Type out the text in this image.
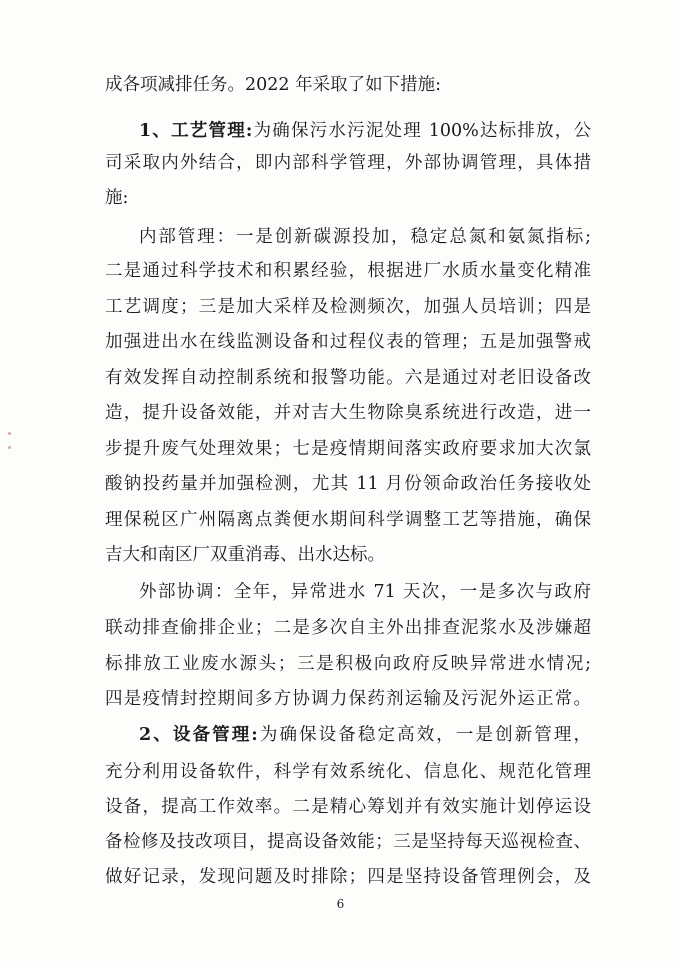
成各项减排任务。2022 年采取了如下措施:
1、工艺管理:为确保污水污泥处理 100%达标排放，公
司采取内外结合，即内部科学管理，外部协调管理，具体措
施:
内部管理：一是创新碳源投加，稳定总氮和氨氮指标;
二是通过科学技术和积累经验，根据进厂水质水量变化精准
工艺调度；三是加大采样及检测频次，加强人员培训；四是
加强进出水在线监测设备和过程仪表的管理；五是加强警戒
有效发挥自动控制系统和报警功能。六是通过对老旧设备改
造，提升设备效能，并对吉大生物除臭系统进行改造，进一
步提升废气处理效果；七是疫情期间落实政府要求加大次氯
酸钠投药量并加强检测，尤其 11 月份领命政治任务接收处
理保税区广州隔离点粪便水期间科学调整工艺等措施，确保
吉大和南区厂双重消毒、出水达标。
外部协调：全年，异常进水 71 天次，一是多次与政府
联动排查偷排企业；二是多次自主外出排查泥浆水及涉嫌超
标排放工业废水源头；三是积极向政府反映异常进水情况;
四是疫情封控期间多方协调力保药剂运输及污泥外运正常。
2、设备管理:为确保设备稳定高效，一是创新管理，
充分利用设备软件，科学有效系统化、信息化、规范化管理
设备，提高工作效率。二是精心筹划并有效实施计划停运设
备检修及技改项目，提高设备效能；三是坚持每天巡视检查、
做好记录，发现问题及时排除；四是坚持设备管理例会，及
6
